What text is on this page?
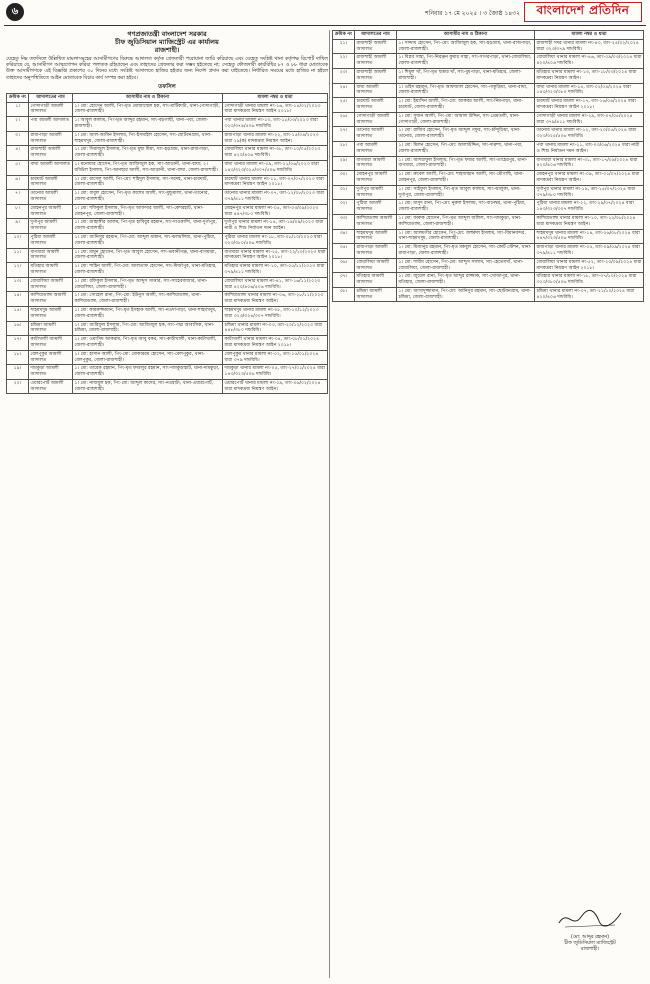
৬	শনিবার ১৭ মে ২০২৫ । ৩ জ্যৈষ্ঠ ১৪৩২	বাংলাদেশ প্রতিদিন
গণপ্রজাতন্ত্রী বাংলাদেশ সরকার
চীফ জুডিসিয়াল ম্যাজিস্ট্রেট এর কার্যালয়
রাজশাহী।

যেহেতু নিম্ন তফসিলে উল্লিখিত মামলাসমূহের আসামীগণের বিরুদ্ধে আদালত কর্তৃক গ্রেফতারী পরোয়ানা জারি করিয়াছে এবং যেহেতু সংশ্লিষ্ট থানা কর্তৃপক্ষ রিপোর্ট দাখিল করিয়াছে যে, আসামীগণ আত্মগোপন করিয়া পলাতক রহিয়াছেন এবং তাহাদের গ্রেফতার করা সম্ভব হইতেছে না; সেহেতু ফৌজদারী কার্যবিধির ৮৭ ও ৮৮ ধারা মোতাবেক উক্ত আসামীগণকে এই বিজ্ঞপ্তি প্রকাশের ৩০ দিনের মধ্যে সংশ্লিষ্ট আদালতে হাজির হইবার জন্য নির্দেশ প্রদান করা যাইতেছে। নির্ধারিত সময়ের মধ্যে হাজির না হইলে তাহাদের অনুপস্থিতিতে আইন মোতাবেক বিচার কার্য সম্পন্ন করা হইবে।

তফসিল
ক্রমিক নং	আদালতের নাম	আসামীর নাম ও ঠিকানা	মামলা নম্বর ও ধারা
১।	গোদাগাড়ী আমলী আদালত	১। মো: হোসেন আলী, পিং-মৃত মোজাম্মেল হক, সাং-মাটিকাটা, থানা-গোদাগাড়ী, জেলা-রাজশাহী।	গোদাগাড়ী থানার মামলা নং-১৬, তাং-১৪/০২/২০২৩ ধারা মাদকদ্রব্য নিয়ন্ত্রণ আইন ২০১৮।
২।	পবা আমলী আদালত	১। আবুল কালাম, পিং-মৃত আব্দুর রহমান, সাং-বড়গাছী, থানা-পবা, জেলা-রাজশাহী।	পবা থানার মামলা নং-১৩, তাং-১৮/০৩/২০২৩ ধারা ৩২৩/৩৭৯/৫০৬ দন্ডবিধি।
৩।	রাজপাড়া আমলী আদালত	১। মো: আল-আমিন ইসলাম, পিং-ইসমাইল হোসেন, সাং-ছোটবনগ্রাম, থানা-শাহমখদুম, জেলা-রাজশাহী।	রাজপাড়া থানার মামলা নং-২২, তাং-১৫/০৪/২০২৩ ধারা ১৯(ক) মাদকদ্রব্য নিয়ন্ত্রণ আইন।
৪।	রাজশাহী আমলী আদালত	১। মো: সিরাজুল ইসলাম, পিং-মৃত মুছা মিয়া, সাং-হড়গ্রাম, থানা-রাজপাড়া, জেলা-রাজশাহী।	বোয়ালিয়া থানার মামলা নং-৩৮, তাং-১০/০৫/২০২৩ ধারা ৪২০/৪০৬ দন্ডবিধি।
৫।	বাঘা আমলী আদালত	১। মনোয়ার হোসেন, পিং-মৃত আজিজুল হক, সাং-আড়ানী, থানা-বাঘা; ২। রবিউল ইসলাম, পিং-আনছার আলী, সাং-আড়ানী, থানা-বাঘা, জেলা-রাজশাহী।	বাঘা থানার মামলা নং-০৯, তাং-২১/০৬/২০২৩ ধারা ১৪৩/৩২৩/৩২৫/৩০৭/৫০৬ দন্ডবিধি।
৬।	চারঘাট আমলী আদালত	১। মো: রাসেল আলী, পিং-মো: শহিদুল ইসলাম, সাং-সরদহ, থানা-চারঘাট, জেলা-রাজশাহী।	চারঘাট থানার মামলা নং-১১, তাং-০৭/০৭/২০২৩ ধারা মাদকদ্রব্য নিয়ন্ত্রণ আইন ২০১৮।
৭।	তানোর আমলী আদালত	১। মো: বাবুল হোসেন, পিং-মৃত কাশেম আলী, সাং-মুন্ডুমালা, থানা-তানোর, জেলা-রাজশাহী।	তানোর থানার মামলা নং-০৭, তাং-১২/০৮/২০২৩ ধারা ৩৭৯/৪১১ দন্ডবিধি।
৮।	মোহনপুর আমলী আদালত	১। মো: শফিকুল ইসলাম, পিং-মৃত আফসার আলী, সাং-কেশরহাট, থানা-মোহনপুর, জেলা-রাজশাহী।	মোহনপুর থানার মামলা নং-০৫, তাং-০৩/০৯/২০২৩ ধারা ৪৪৭/৩৮০ দন্ডবিধি।
৯।	দুর্গাপুর আমলী আদালত	১। মো: জাহাঙ্গীর আলম, পিং-মৃত হাবিবুর রহমান, সাং-দাওকান্দি, থানা-দুর্গাপুর, জেলা-রাজশাহী।	দুর্গাপুর থানার মামলা নং-১৪, তাং-১৯/০৯/২০২৩ ধারা নারী ও শিশু নির্যাতন দমন আইন।
১০।	পুঠিয়া আমলী আদালত	১। মো: আনিসুর রহমান, পিং-মো: আব্দুল মান্নান, সাং-ঝলমলিয়া, থানা-পুঠিয়া, জেলা-রাজশাহী।	পুঠিয়া থানার মামলা নং-১৮, তাং-০৮/১০/২০২৩ ধারা ৩২৩/৩৮০/৫০৬ দন্ডবিধি।
১১।	বাগমারা আমলী আদালত	১। মো: মামুন হোসেন, পিং-মৃত আবুল হোসেন, সাং-ভবানীগঞ্জ, থানা-বাগমারা, জেলা-রাজশাহী।	বাগমারা থানার মামলা নং-২৫, তাং-২২/১০/২০২৩ ধারা মাদকদ্রব্য নিয়ন্ত্রণ আইন ২০১৮।
১২।	মতিহার আমলী আদালত	১। মো: শাহিন আলী, পিং-মো: আলতাফ হোসেন, সাং-মির্জাপুর, থানা-মতিহার, জেলা-রাজশাহী।	মতিহার থানার মামলা নং-১০, তাং-০৫/১১/২০২৩ ধারা ৩৭৯/৪১১ দন্ডবিধি।
১৩।	বোয়ালিয়া আমলী আদালত	১। মো: রফিকুল ইসলাম, পিং-মৃত আব্দুস সাত্তার, সাং-সাহেববাজার, থানা-বোয়ালিয়া, জেলা-রাজশাহী।	বোয়ালিয়া থানার মামলা নং-৪১, তাং-১৬/১১/২০২৩ ধারা ৪২০/৪০৬/৫০৬ দন্ডবিধি।
১৪।	কাশিয়াডাঙ্গা আমলী আদালত	১। মো: সোহেল রানা, পিং-মো: ইউনুস আলী, সাং-কাশিয়াডাঙ্গা, থানা-কাশিয়াডাঙ্গা, জেলা-রাজশাহী।	কাশিয়াডাঙ্গা থানার মামলা নং-০৬, তাং-২৮/১১/২০২৩ ধারা মাদকদ্রব্য নিয়ন্ত্রণ আইন।
১৫।	শাহমখদুম আমলী আদালত	১। মো: কামরুজ্জামান, পিং-মৃত ইসহাক আলী, সাং-নওদাপাড়া, থানা-শাহমখদুম, জেলা-রাজশাহী।	শাহমখদুম থানার মামলা নং-০৮, তাং-১০/১২/২০২৩ ধারা ৩২৩/৩২৪/৩০৭ দন্ডবিধি।
১৬।	চন্দ্রিমা আমলী আদালত	১। মো: আরিফুল ইসলাম, পিং-মো: আজিজুল হক, সাং-পদ্মা আবাসিক, থানা-চন্দ্রিমা, জেলা-রাজশাহী।	চন্দ্রিমা থানার মামলা নং-০৩, তাং-২০/১২/২০২৩ ধারা ৪৪৮/৩৮০ দন্ডবিধি।
১৭।	কাটাখালী আমলী আদালত	১। মো: ওয়াসিম আকরাম, পিং-মৃত আবু বকর, সাং-কাটাখালী, থানা-কাটাখালী, জেলা-রাজশাহী।	কাটাখালী থানার মামলা নং-০৪, তাং-০৮/০১/২০২৪ ধারা মাদকদ্রব্য নিয়ন্ত্রণ আইন ২০১৮।
১৮।	বেলপুকুর আমলী আদালত	১। মো: হাসান আলী, পিং-মো: মোকাররম হোসেন, সাং-বেলপুকুর, থানা-বেলপুকুর, জেলা-রাজশাহী।	বেলপুকুর থানার মামলা নং-০২, তাং-১৫/০১/২০২৪ ধারা ৩৭৯ দন্ডবিধি।
১৯।	দামকুড়া আমলী আদালত	১। মো: তারেক রহমান, পিং-মৃত ফজলুর রহমান, সাং-দামকুড়াহাট, থানা-দামকুড়া, জেলা-রাজশাহী।	দামকুড়া থানার মামলা নং-০৫, তাং-২৭/০১/২০২৪ ধারা ১৪৩/৩২৩/৫০৬ দন্ডবিধি।
২০।	এয়ারপোর্ট আমলী আদালত	১। মো: নাজমুল হক, পিং-মো: আব্দুল কাদের, সাং-নওহাটা, থানা-এয়ারপোর্ট, জেলা-রাজশাহী।	এয়ারপোর্ট থানার মামলা নং-০৯, তাং-০৬/০২/২০২৪ ধারা মাদকদ্রব্য নিয়ন্ত্রণ আইন।
ক্রমিক নং	আদালতের নাম	আসামীর নাম ও ঠিকানা	মামলা নম্বর ও ধারা
২১।	রাজশাহী আমলী আদালত	১। সাদ্দাম হোসেন, পিং-মো: আজিজুল হক, সাং-হড়গ্রাম, থানা-রাজপাড়া, জেলা-রাজশাহী।	রাজশাহী সদর থানার মামলা নং-৪৩, তাং-২৫/০২/২০২৪ ধারা ৩২৩/৩৭৯ দন্ডবিধি।
২২।	রাজশাহী আমলী আদালত	১। বিপ্লব সাহা, পিং-নিরঞ্জন কুমার সাহা, সাং-সাগরপাড়া, থানা-বোয়ালিয়া, জেলা-রাজশাহী।	বোয়ালিয়া থানার মামলা নং-৪৬, তাং-০৯/০৩/২০২৪ ধারা ৪২০/৪০৬ দন্ডবিধি।
২৩।	রাজশাহী আমলী আদালত	১। শিমুল খাঁ, পিং-মৃত ছত্তার খাঁ, সাং-বুধপাড়া, থানা-মতিহার, জেলা-রাজশাহী।	মতিহার থানার মামলা নং-১৩, তাং-১৮/০৩/২০২৪ ধারা মাদকদ্রব্য নিয়ন্ত্রণ আইন।
২৪।	বাঘা আমলী আদালত	১। ওহিদ রহমান, পিং-মৃত আফজাল হোসেন, সাং-পাকুড়িয়া, থানা-বাঘা, জেলা-রাজশাহী।	বাঘা থানার মামলা নং-১৫, তাং-০২/০৪/২০২৪ ধারা ১৪৩/৩২৩/৩৮০ দন্ডবিধি।
২৫।	চারঘাট আমলী আদালত	১। মো: ইয়াসিন আলী, পিং-মো: আকবর আলী, সাং-নিমপাড়া, থানা-চারঘাট, জেলা-রাজশাহী।	চারঘাট থানার মামলা নং-১৭, তাং-১৬/০৪/২০২৪ ধারা মাদকদ্রব্য নিয়ন্ত্রণ আইন ২০১৮।
২৬।	গোদাগাড়ী আমলী আদালত	১। মো: সুজন আলী, পিং-মো: জামাল উদ্দিন, সাং-প্রেমতলী, থানা-গোদাগাড়ী, জেলা-রাজশাহী।	গোদাগাড়ী থানার মামলা নং-২৯, তাং-০৭/০৫/২০২৪ ধারা ৩৭৯/৪১১ দন্ডবিধি।
২৭।	তানোর আমলী আদালত	১। মো: রাজিব হোসেন, পিং-মৃত আব্দুল গফুর, সাং-চাঁন্দুড়িয়া, থানা-তানোর, জেলা-রাজশাহী।	তানোর থানার মামলা নং-১২, তাং-২০/০৫/২০২৪ ধারা ৩২৩/৩২৫/৫০৬ দন্ডবিধি।
২৮।	পবা আমলী আদালত	১। মো: মিলন হোসেন, পিং-মো: আলাউদ্দিন, সাং-দারুশা, থানা-পবা, জেলা-রাজশাহী।	পবা থানার মামলা নং-২১, তাং-০৩/০৬/২০২৪ ধারা নারী ও শিশু নির্যাতন দমন আইন।
২৯।	বাগমারা আমলী আদালত	১। মো: আশরাফুল ইসলাম, পিং-মৃত ফজর আলী, সাং-তাহেরপুর, থানা-বাগমারা, জেলা-রাজশাহী।	বাগমারা থানার মামলা নং-৩১, তাং-১৭/০৬/২০২৪ ধারা ৪২০/৪০৬ দন্ডবিধি।
৩০।	মোহনপুর আমলী আদালত	১। মো: রুবেল আলী, পিং-মো: শাহজাহান আলী, সাং-মৌগাছি, থানা-মোহনপুর, জেলা-রাজশাহী।	মোহনপুর থানার মামলা নং-০৯, তাং-০১/০৭/২০২৪ ধারা মাদকদ্রব্য নিয়ন্ত্রণ আইন।
৩১।	দুর্গাপুর আমলী আদালত	১। মো: সাইফুল ইসলাম, পিং-মৃত আবুল কালাম, সাং-ঝালুকা, থানা-দুর্গাপুর, জেলা-রাজশাহী।	দুর্গাপুর থানার মামলা নং-১৯, তাং-১৫/০৭/২০২৪ ধারা ৩৭৯/৩৮০ দন্ডবিধি।
৩২।	পুঠিয়া আমলী আদালত	১। মো: মাসুদ রানা, পিং-মো: নুরুল ইসলাম, সাং-বানেশ্বর, থানা-পুঠিয়া, জেলা-রাজশাহী।	পুঠিয়া থানার মামলা নং-২২, তাং-২৯/০৭/২০২৪ ধারা ১৪৩/৩২৩/৩০৭ দন্ডবিধি।
৩৩।	কাশিয়াডাঙ্গা আমলী আদালত	১। মো: ফারুক হোসেন, পিং-মৃত আব্দুল জলিল, সাং-দামকুড়া, থানা-কাশিয়াডাঙ্গা, জেলা-রাজশাহী।	কাশিয়াডাঙ্গা থানার মামলা নং-১০, তাং-১২/০৮/২০২৪ ধারা মাদকদ্রব্য নিয়ন্ত্রণ আইন।
৩৪।	শাহমখদুম আমলী আদালত	১। মো: আলমগীর হোসেন, পিং-মো: জহুরুল ইসলাম, সাং-বিমানবন্দর, থানা-শাহমখদুম, জেলা-রাজশাহী।	শাহমখদুম থানার মামলা নং-১৪, তাং-২৬/০৮/২০২৪ ধারা ৪৪৭/৩২৩/৫০৬ দন্ডবিধি।
৩৫।	রাজপাড়া আমলী আদালত	১। মো: মিজানুর রহমান, পিং-মৃত মকবুল হোসেন, সাং-কোর্ট স্টেশন, থানা-রাজপাড়া, জেলা-রাজশাহী।	রাজপাড়া থানার মামলা নং-৩৫, তাং-০৯/০৯/২০২৪ ধারা ৩৭৯/৪১১ দন্ডবিধি।
৩৬।	বোয়ালিয়া আমলী আদালত	১। মো: শামীম হোসেন, পিং-মো: আব্দুস সালাম, সাং-হেতেমখাঁ, থানা-বোয়ালিয়া, জেলা-রাজশাহী।	বোয়ালিয়া থানার মামলা নং-৫২, তাং-২৩/০৯/২০২৪ ধারা মাদকদ্রব্য নিয়ন্ত্রণ আইন ২০১৮।
৩৭।	মতিহার আমলী আদালত	১। মো: জুয়েল রানা, পিং-মৃত আব্দুর রাজ্জাক, সাং-খোজাপুর, থানা-মতিহার, জেলা-রাজশাহী।	মতিহার থানার মামলা নং-১৮, তাং-০৭/১০/২০২৪ ধারা ৩২৩/৩৮০/৫০৬ দন্ডবিধি।
৩৮।	চন্দ্রিমা আমলী আদালত	১। মো: আসাদুজ্জামান, পিং-মো: আনিসুর রহমান, সাং-ছোটবনগ্রাম, থানা-চন্দ্রিমা, জেলা-রাজশাহী।	চন্দ্রিমা থানার মামলা নং-০৭, তাং-২১/১০/২০২৪ ধারা ৪২০/৪০৬ দন্ডবিধি।
(মো: আব্দুর রহমান)
চীফ জুডিসিয়াল ম্যাজিস্ট্রেট
রাজশাহী।
